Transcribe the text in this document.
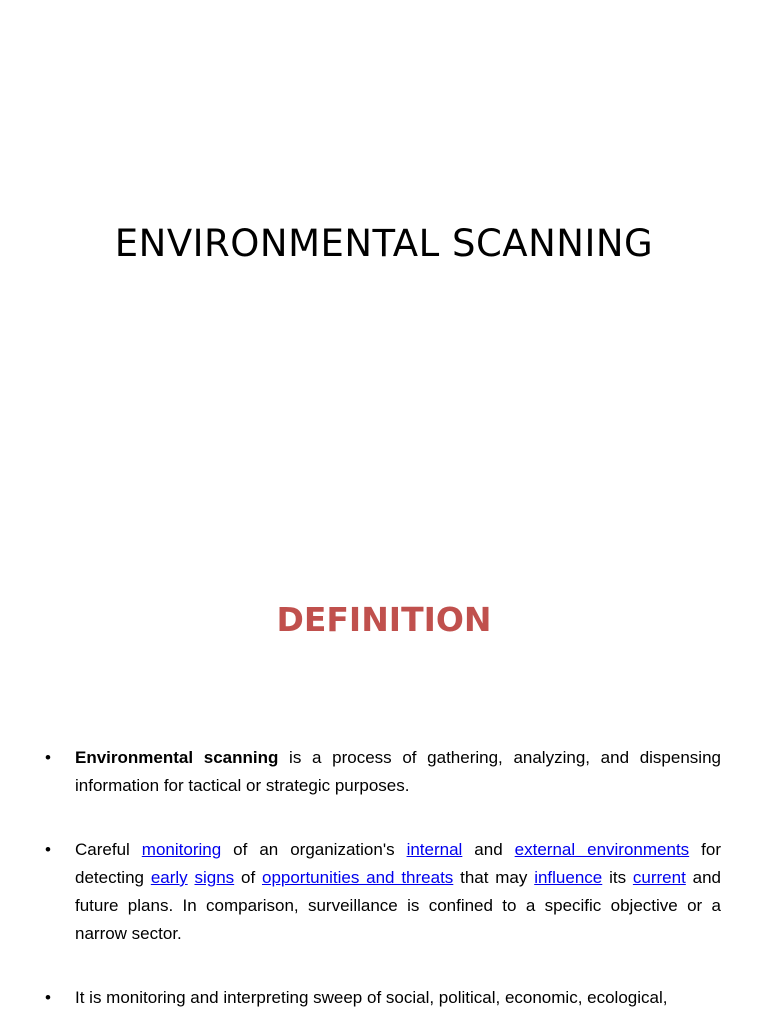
ENVIRONMENTAL SCANNING
DEFINITION
• Environmental scanning is a process of gathering, analyzing, and dispensing information for tactical or strategic purposes.
• Careful monitoring of an organization's internal and external environments for detecting early signs of opportunities and threats that may influence its current and future plans. In comparison, surveillance is confined to a specific objective or a narrow sector.
• It is monitoring and interpreting sweep of social, political, economic, ecological,
